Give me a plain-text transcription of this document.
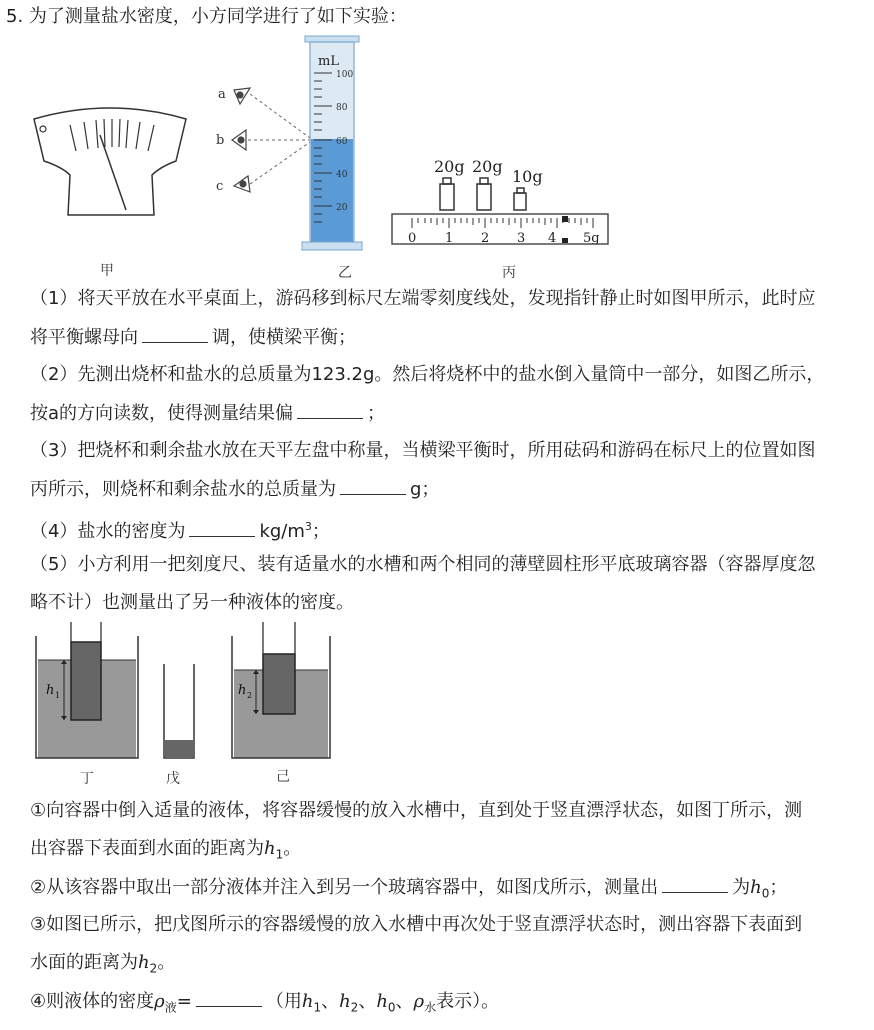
5. 为了测量盐水密度，小方同学进行了如下实验：
甲
a
b
c
mL
100
80
60
40
20
乙
20g 20g
10g
0 1 2 3 4 5g
丙
（1）将天平放在水平桌面上，游码移到标尺左端零刻度线处，发现指针静止时如图甲所示，此时应
将平衡螺母向	调，使横梁平衡；
（2）先测出烧杯和盐水的总质量为123.2g。然后将烧杯中的盐水倒入量筒中一部分，如图乙所示，
按a的方向读数，使得测量结果偏	；
（3）把烧杯和剩余盐水放在天平左盘中称量，当横梁平衡时，所用砝码和游码在标尺上的位置如图
丙所示，则烧杯和剩余盐水的总质量为	g；
（4）盐水的密度为	$kg/m^3$；
（5）小方利用一把刻度尺、装有适量水的水槽和两个相同的薄壁圆柱形平底玻璃容器（容器厚度忽
略不计）也测量出了另一种液体的密度。
h 1	h 2
丁	戊	己
①向容器中倒入适量的液体，将容器缓慢的放入水槽中，直到处于竖直漂浮状态，如图丁所示，测
出容器下表面到水面的距离为$h_1$。
②从该容器中取出一部分液体并注入到另一个玻璃容器中，如图戊所示，测量出	为$h_0$；
③如图已所示，把戊图所示的容器缓慢的放入水槽中再次处于竖直漂浮状态时，测出容器下表面到
水面的距离为$h_2$。
④则液体的密度$\rho_液=$	（用$h_1$、$h_2$、$h_0$、$\rho_水$表示）。
